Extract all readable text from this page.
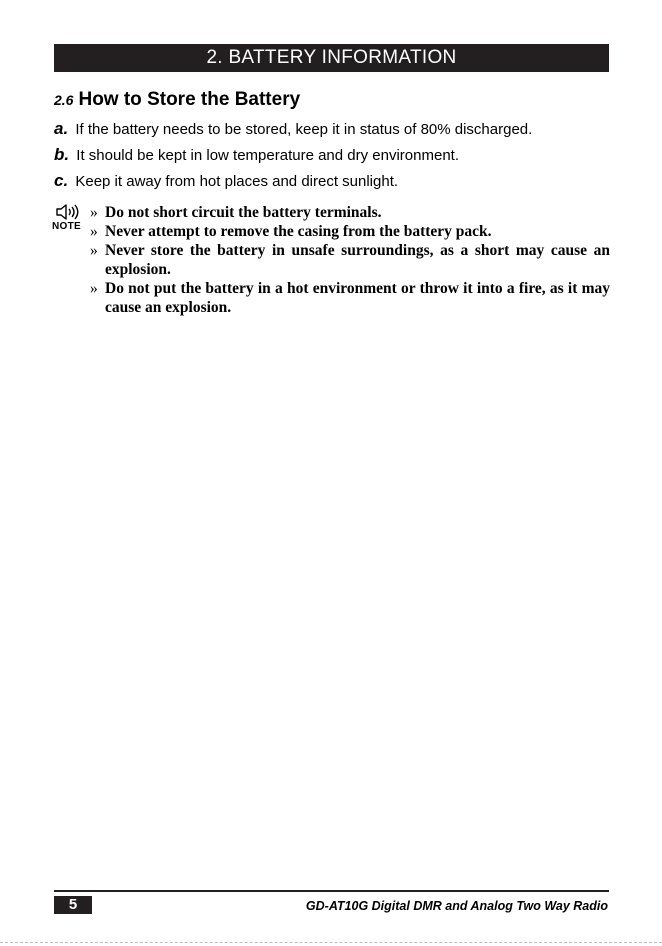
2. BATTERY INFORMATION
2.6 How to Store the Battery
a. If the battery needs to be stored, keep it in status of 80% discharged.
b. It should be kept in low temperature and dry environment.
c. Keep it away from hot places and direct sunlight.
NOTE
» Do not short circuit the battery terminals.
» Never attempt to remove the casing from the battery pack.
» Never store the battery in unsafe surroundings, as a short may cause an explosion.
» Do not put the battery in a hot environment or throw it into a fire, as it may cause an explosion.
5	GD-AT10G Digital DMR and Analog Two Way Radio
